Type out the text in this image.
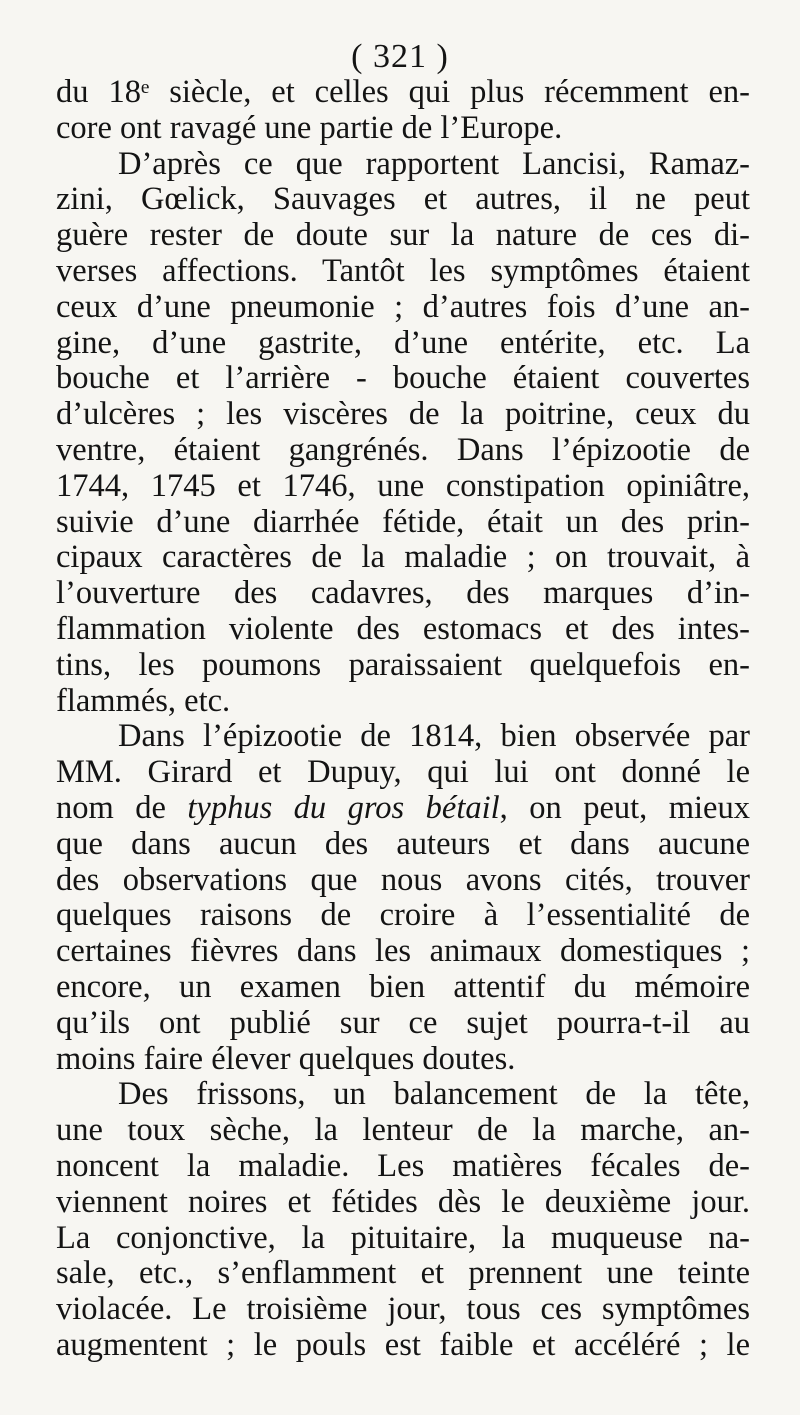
( 321 )
du 18ᵉ siècle, et celles qui plus récemment en-
core ont ravagé une partie de l’Europe.
D’après ce que rapportent Lancisi, Ramaz-
zini, Gœlick, Sauvages et autres, il ne peut
guère rester de doute sur la nature de ces di-
verses affections. Tantôt les symptômes étaient
ceux d’une pneumonie ; d’autres fois d’une an-
gine, d’une gastrite, d’une entérite, etc. La
bouche et l’arrière - bouche étaient couvertes
d’ulcères ; les viscères de la poitrine, ceux du
ventre, étaient gangrénés. Dans l’épizootie de
1744, 1745 et 1746, une constipation opiniâtre,
suivie d’une diarrhée fétide, était un des prin-
cipaux caractères de la maladie ; on trouvait, à
l’ouverture des cadavres, des marques d’in-
flammation violente des estomacs et des intes-
tins, les poumons paraissaient quelquefois en-
flammés, etc.
Dans l’épizootie de 1814, bien observée par
MM. Girard et Dupuy, qui lui ont donné le
nom de typhus du gros bétail, on peut, mieux
que dans aucun des auteurs et dans aucune
des observations que nous avons cités, trouver
quelques raisons de croire à l’essentialité de
certaines fièvres dans les animaux domestiques ;
encore, un examen bien attentif du mémoire
qu’ils ont publié sur ce sujet pourra-t-il au
moins faire élever quelques doutes.
Des frissons, un balancement de la tête,
une toux sèche, la lenteur de la marche, an-
noncent la maladie. Les matières fécales de-
viennent noires et fétides dès le deuxième jour.
La conjonctive, la pituitaire, la muqueuse na-
sale, etc., s’enflamment et prennent une teinte
violacée. Le troisième jour, tous ces symptômes
augmentent ; le pouls est faible et accéléré ; le
